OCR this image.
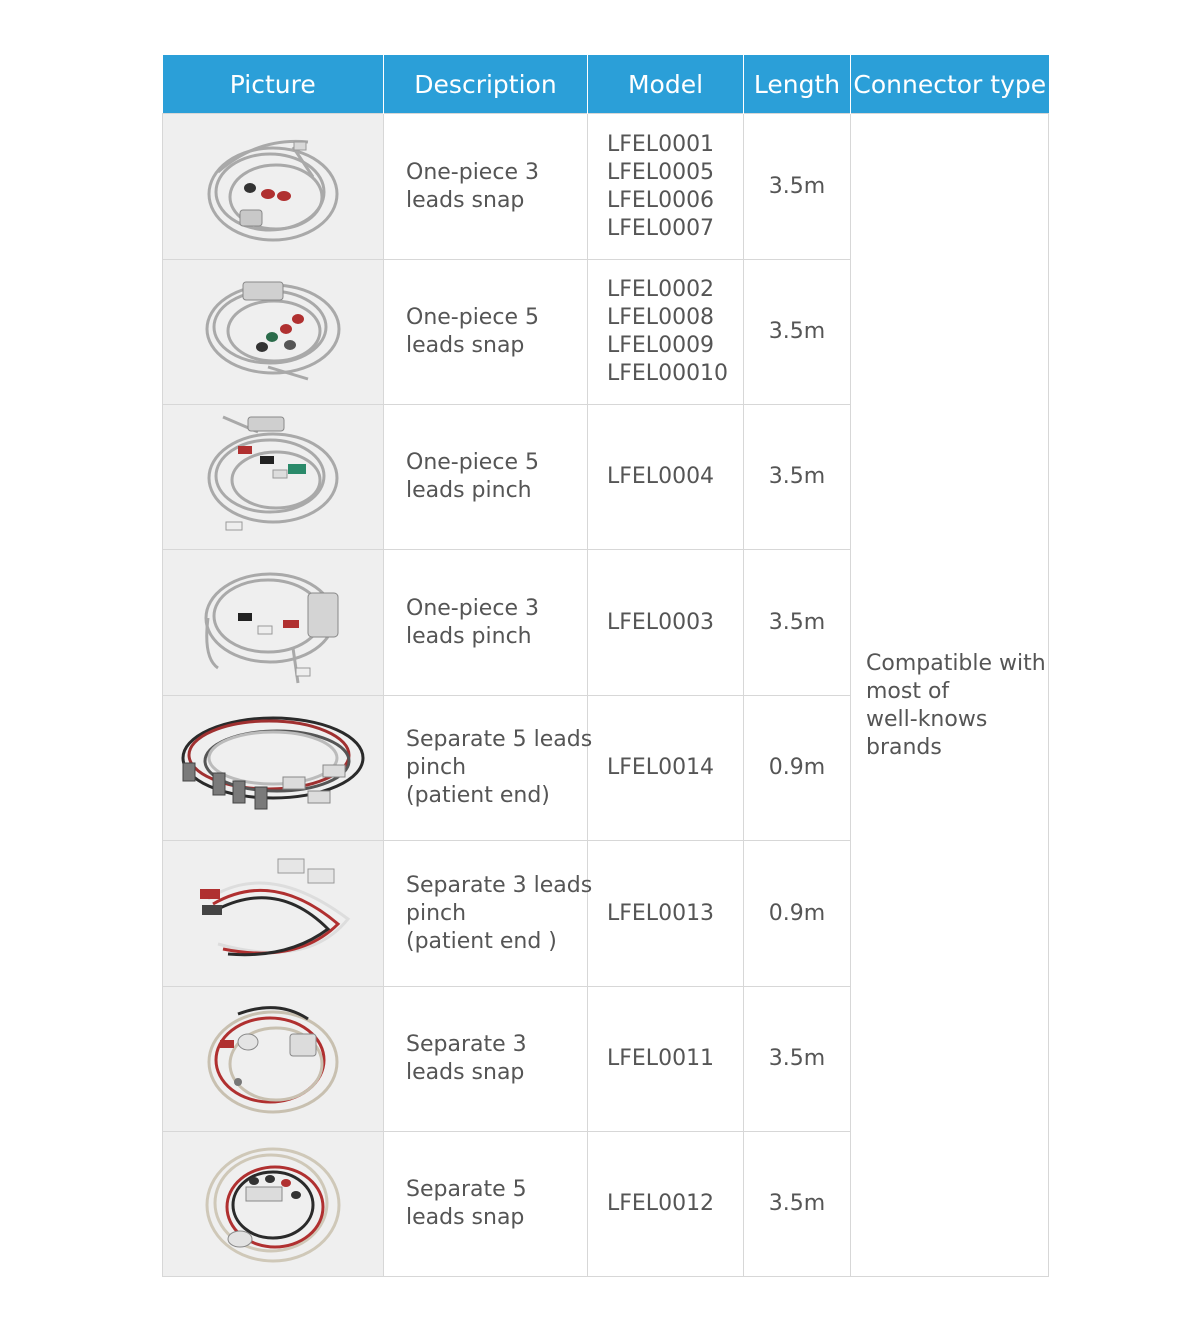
Picture	Description	Model	Length	Connector type

One-piece 3
leads snap	LFEL0001
LFEL0005
LFEL0006
LFEL0007	3.5m	Compatible with
most of
well-knows
brands

One-piece 5
leads snap	LFEL0002
LFEL0008
LFEL0009
LFEL00010	3.5m	

One-piece 5
leads pinch	LFEL0004	3.5m	

One-piece 3
leads pinch	LFEL0003	3.5m	

Separate 5 leads
pinch
(patient end)	LFEL0014	0.9m	

Separate 3 leads
pinch
(patient end )	LFEL0013	0.9m	

Separate 3
leads snap	LFEL0011	3.5m	

Separate 5
leads snap	LFEL0012	3.5m	
